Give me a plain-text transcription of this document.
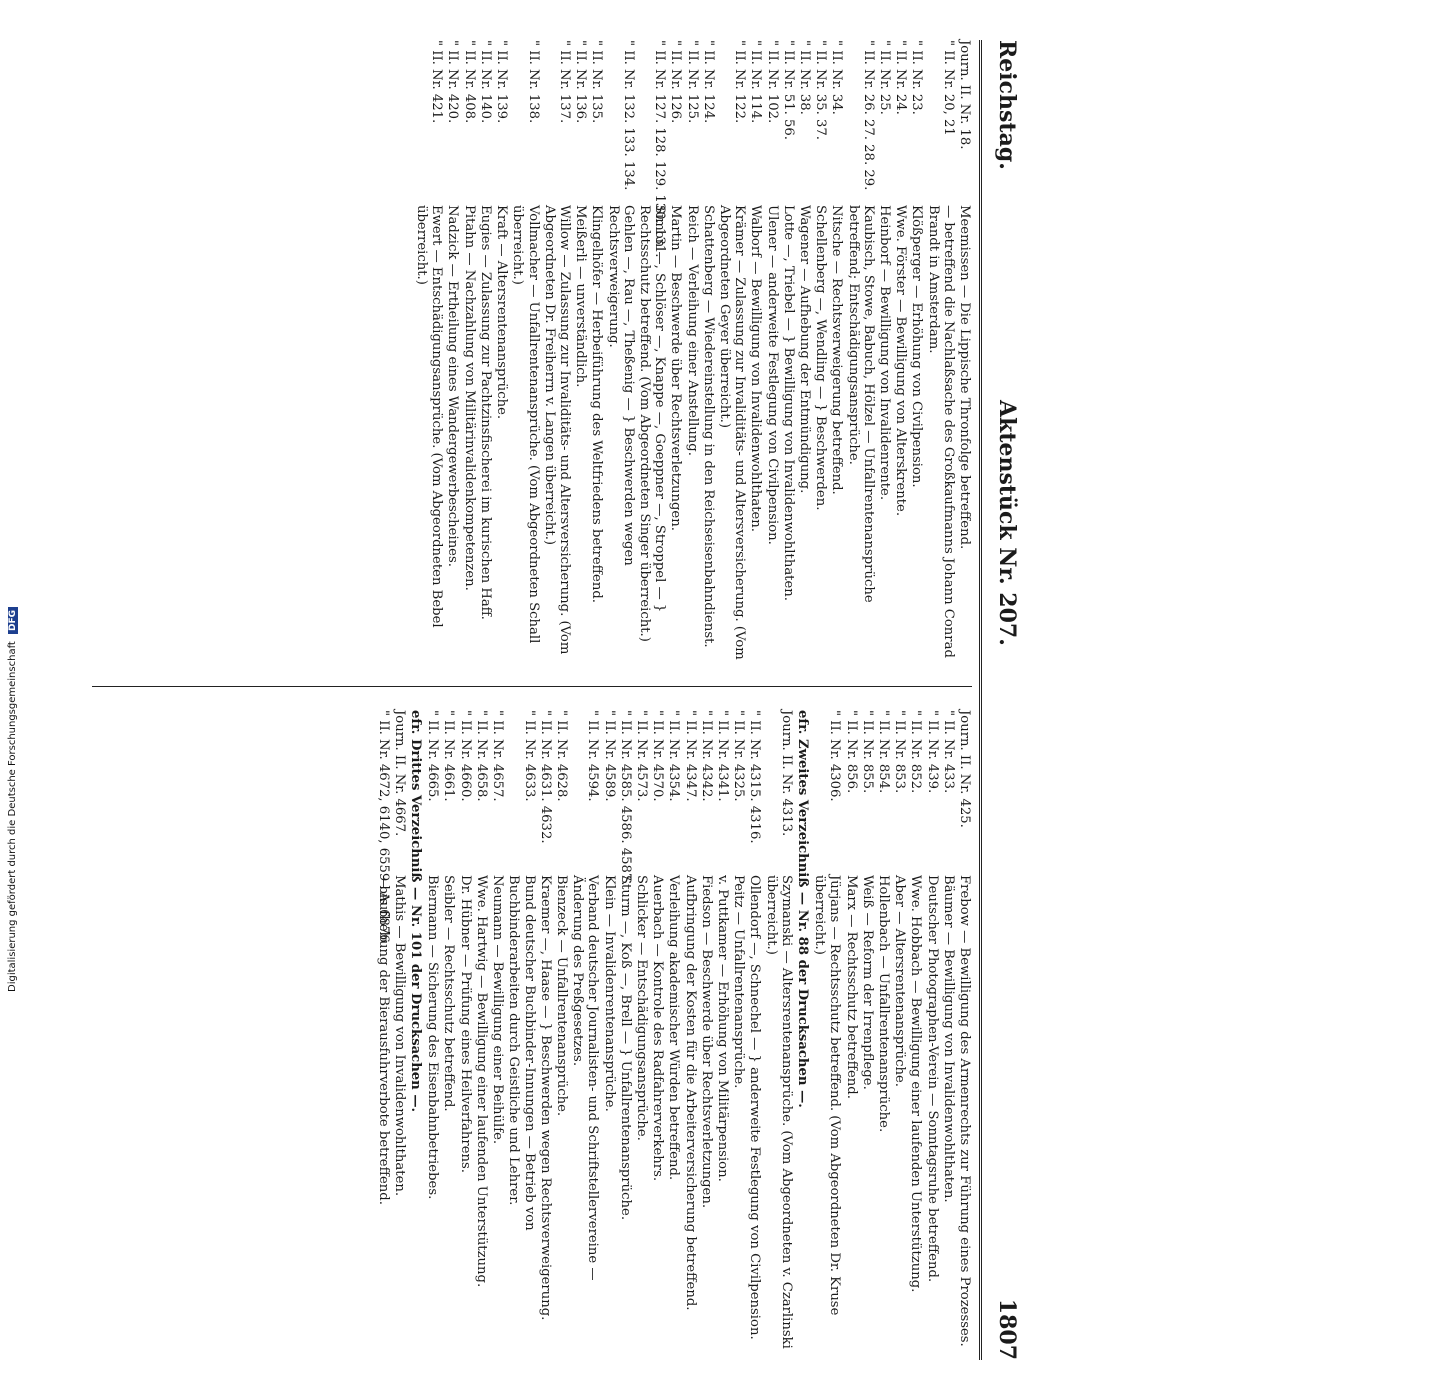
Digitalisierung gefördert durch die Deutsche Forschungsgemeinschaft DFG
Reichstag.
Aktenstück Nr. 207.
1807
Journ. II. Nr. 18.
Meemissen — Die Lippische Thronfolge betreffend.
" II. Nr. 20, 21
— betreffend die Nachlaßsache des Großkaufmanns Johann Conrad Brandt in Amsterdam.
" II. Nr. 23.
Klößperger — Erhöhung von Civilpension.
" II. Nr. 24.
Wwe. Förster — Bewilligung von Alterskrente.
" II. Nr. 25.
Heinborf — Bewilligung von Invalidenrente.
" II. Nr. 26. 27. 28. 29.
Kaubisch, Stowe, Babuch, Hölzel — Unfallrentenansprüche betreffend; Entschädigungsansprüche.
" II. Nr. 34.
Nitsche — Rechtsverweigerung betreffend.
" II. Nr. 35. 37.
Schellenberg —, Wendling — } Beschwerden.
" II. Nr. 38.
Wagener — Aufhebung der Entmündigung.
" II. Nr. 51. 56.
Lotte —, Triebel — } Bewilligung von Invalidenwohlthaten.
" II. Nr. 102.
Ulener — anderweite Festlegung von Civilpension.
" II. Nr. 114.
Walborf — Bewilligung von Invalidenwohlthaten.
" II. Nr. 122.
Krämer — Zulassung zur Invaliditäts- und Altersversicherung. (Vom Abgeordneten Geyer überreicht.)
" II. Nr. 124.
Schattenberg — Wiedereinstellung in den Reichseisenbahndienst.
" II. Nr. 125.
Reich — Verleihung einer Anstellung.
" II. Nr. 126.
Martin — Beschwerde über Rechtsverletzungen.
" II. Nr. 127. 128. 129. 130. 131.
Simon —, Schlöser —, Knappe —, Goeppner —, Stroppel — } Rechtsschutz betreffend. (Vom Abgeordneten Singer überreicht.)
" II. Nr. 132. 133. 134.
Gehlen —, Rau —, Theßenig — } Beschwerden wegen Rechtsverweigerung.
" II. Nr. 135.
Klingelhöfer — Herbeiführung des Weltfriedens betreffend.
" II. Nr. 136.
Meißerli — unverständlich.
" II. Nr. 137.
Willow — Zulassung zur Invaliditäts- und Altersversicherung. (Vom Abgeordneten Dr. Freiherrn v. Langen überreicht.)
" II. Nr. 138.
Vollmacher — Unfallrentenansprüche. (Vom Abgeordneten Schall überreicht.)
" II. Nr. 139.
Kraft — Altersrentenansprüche.
" II. Nr. 140.
Eugies — Zulassung zur Pachtzinsfischerei im kurischen Haff.
" II. Nr. 408.
Pitahn — Nachzahlung von Militärinvalidenkompetenzen.
" II. Nr. 420.
Nadzick — Ertheilung eines Wandergewerbescheines.
" II. Nr. 421.
Ewert — Entschädigungsansprüche. (Vom Abgeordneten Bebel überreicht.)
Journ. II. Nr. 425.
Frebow — Bewilligung des Armenrechts zur Führung eines Prozesses.
" II. Nr. 433.
Bäumer — Bewilligung von Invalidenwohlthaten.
" II. Nr. 439.
Deutscher Photographen-Verein — Sonntagsruhe betreffend.
" II. Nr. 852.
Wwe. Hobbach — Bewilligung einer laufenden Unterstützung.
" II. Nr. 853.
Aber — Altersrentenansprüche.
" II. Nr. 854.
Hollenbach — Unfallrentenansprüche.
" II. Nr. 855.
Weiß — Reform der Irrenpflege.
" II. Nr. 856.
Marx — Rechtsschutz betreffend.
" II. Nr. 4306.
Jürjans — Rechtsschutz betreffend. (Vom Abgeordneten Dr. Kruse überreicht.)
efr. Zweites Verzeichniß — Nr. 88 der Drucksachen —.
Journ. II. Nr. 4313.
Szymanski — Altersrentenansprüche. (Vom Abgeordneten v. Czarlinski überreicht.)
" II. Nr. 4315. 4316.
Ollendorf —, Schnechel — } anderweite Festlegung von Civilpension.
" II. Nr. 4325.
Peitz — Unfallrentenansprüche.
" II. Nr. 4341.
v. Puttkamer — Erhöhung von Militärpension.
" II. Nr. 4342.
Fiedson — Beschwerde über Rechtsverletzungen.
" II. Nr. 4347.
Aufbringung der Kosten für die Arbeiterversicherung betreffend.
" II. Nr. 4354.
Verleihung akademischer Würden betreffend.
" II. Nr. 4570.
Auerbach — Kontrole des Radfahrerverkehrs.
" II. Nr. 4573.
Schlicker — Entschädigungsansprüche.
" II. Nr. 4585. 4586. 4587.
Sturm —, Koß —, Brell — } Unfallrentenansprüche.
" II. Nr. 4589.
Klein — Invalidenrentenansprüche.
" II. Nr. 4594.
Verband deutscher Journalisten- und Schriftstellervereine — Änderung des Preßgesetzes.
" II. Nr. 4628.
Bienzeck — Unfallrentenansprüche.
" II. Nr. 4631. 4632.
Kraemer —, Haase — } Beschwerden wegen Rechtsverweigerung.
" II. Nr. 4633.
Bund deutscher Buchbinder-Innungen — Betrieb von Buchbinderarbeiten durch Geistliche und Lehrer.
" II. Nr. 4657.
Neumann — Bewilligung einer Beihülfe.
" II. Nr. 4658.
Wwe. Hartwig — Bewilligung einer laufenden Unterstützung.
" II. Nr. 4660.
Dr. Hübner — Prüfung eines Heilverfahrens.
" II. Nr. 4661.
Seibler — Rechtsschutz betreffend.
" II. Nr. 4665.
Biermann — Sicherung des Eisenbahnbetriebes.
efr. Drittes Verzeichniß — Nr. 101 der Drucksachen —.
Journ. II. Nr. 4667.
Mathis — Bewilligung von Invalidenwohlthaten.
" II. Nr. 4672, 6140, 6559 bis 6876
— Aufhebung der Bierausfuhrverbote betreffend.
